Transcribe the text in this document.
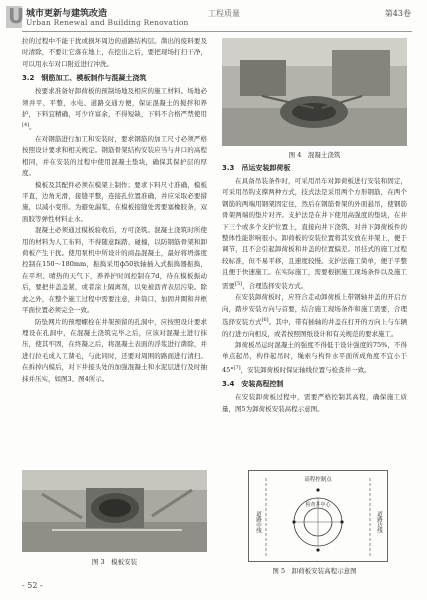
U 城市更新与建筑改造
Urban Renewal and Building Renovation
工程质量	第43卷

拉的过程中不能干扰或损坏周边的道路结构层。凿出的废料要及时清除，不要让它落在地上，在挖出之后，要把现场打扫干净，可以用水车对口附近进行冲洗。

3.2　钢筋加工、模板制作与混凝土浇筑

按要求准备好卸荷板的预制场地及相应的施工材料。场地必须并平、平整，水电、道路交通方便，保证混凝土的搅拌和养护，下料宜精确，可少许富余，不得短缺，下料不合格严禁使用[4]。

在对钢筋进行加工和安装时，要求钢筋的加工尺寸必须严格按照设计要求和相关规定。钢筋骨架结构安装应当与井口的高程相同，并在安装的过程中使用混凝土垫块，确保其保护层的厚度。

模板及其配件必须在模架上制作；要求下料尺寸准确，模板平直，边角无滑，接缝平整，连接孔位置准确，并应采取必要措施，以减小变形。为避免漏浆，在模板接缝处需要塞橡胶条，双面胶等弹性材料止水。

混凝土必须通过模板验收后，方可浇筑。混凝土浇筑时所使用的材料为人工布料，不得随意踩踏、碰撞，以防钢筋骨架和卸荷板产生干扰。使用泵机中所设计的商品混凝土，最好将坍落度控制在150～180mm，振捣采用ф50软轴插入式振捣器振捣，在平坦、晴热的天气下，养养护时间控制在7d，待在模板振动后，要把井盖盖紧，或者涂上隔离剂，以免被沥青表层污染。除此之外，在整个施工过程中需要注意，井筒口、加固井圈和井框平面位置必须完全一致。

防坠网片的预埋螺栓在井架预留的孔洞中，应按照设计要求埋设在孔洞中，在混凝土浇筑完毕之后，应该对混凝土进行抹压，使其牢固，在终凝之后，将混凝土表面的浮浆进行凿除，并进行拉毛成人工凿毛，与此同时，还要对周围的路面进行清扫。在拆掉内模后，对下井接头处的加强混凝土和水泥层进行及时抽抹并压实，如图3、图4所示。

图 3　模板安装
图 4　混凝土浇筑
3.3　吊运安装卸荷板

在具备吊装条件时，可采用吊车对卸荷板进行安装和固定，可采用吊钩支撑两种方式，技式法是采用两个方形钢筋，在两个钢筋的两端用钢架固定住，然后在钢筋骨架的外面悬吊，使钢筋骨架两端的垫片对齐。支护法是在井下使用高强度的垫块，在井下三个或多个支护位置上，直接向井下浇筑，对井下卸荷板件的整体性能影响很小。卸荷板的安装位置将其安放在井架上，便于调节，且不会引起卸荷板和井盖的位置偏差。吊挂式的施工过程较标准，但不易平移，且速度较慢。支护法施工简单，便于平整且便于快速施工。在实际施工，需要根据施工现场条件以及施工需要[5]，合理选择安装方式。

在安装卸荷板时，应符合走动卸荷板上带钢轴井盖的开启方向，踏步安装方向与首要，结合施工现场条件和施工需要，合理选择安装方式[6]。其中，带有插轴的井盖在打开的方向上与车辆的行进方向相反，或者按照图纸设计和有关规范的要求施工。

卸荷板吊运时混凝土的强度不得低于设计强度的75%，不得单点起吊，构件起吊时，绳索与构件水平面所成角度不宜小于45°[7]，安装卸荷板时保证轴线位置与检查井一致。

3.4　安装高程控制

在安装卸荷板过程中，需要严格控制其高程，确保施工质量，图5为卸荷板安装高程示意图。

高程控制点
检查井中心
道路中线	道路边线
图 5　卸荷板安装高程示意图
- 52 -
